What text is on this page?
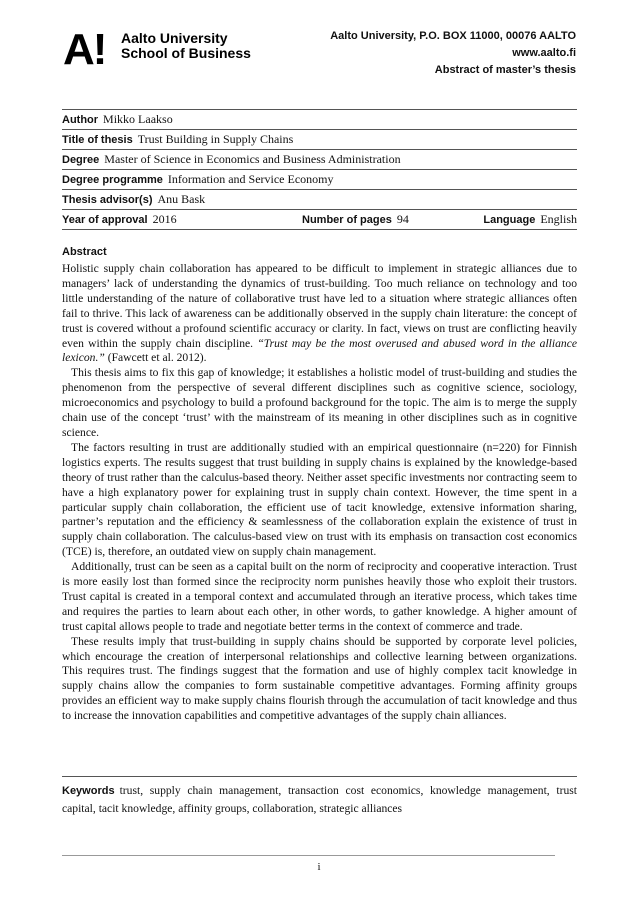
A! Aalto University
School of Business
Aalto University, P.O. BOX 11000, 00076 AALTO
www.aalto.fi
Abstract of master’s thesis
Author Mikko Laakso
Title of thesis Trust Building in Supply Chains
Degree Master of Science in Economics and Business Administration
Degree programme Information and Service Economy
Thesis advisor(s) Anu Bask
Year of approval 2016	Number of pages 94	Language English
Abstract

Holistic supply chain collaboration has appeared to be difficult to implement in strategic alliances due to managers’ lack of understanding the dynamics of trust-building. Too much reliance on technology and too little understanding of the nature of collaborative trust have led to a situation where strategic alliances often fail to thrive. This lack of awareness can be additionally observed in the supply chain literature: the concept of trust is covered without a profound scientific accuracy or clarity. In fact, views on trust are conflicting heavily even within the supply chain discipline. “Trust may be the most overused and abused word in the alliance lexicon.” (Fawcett et al. 2012).

This thesis aims to fix this gap of knowledge; it establishes a holistic model of trust-building and studies the phenomenon from the perspective of several different disciplines such as cognitive science, sociology, microeconomics and psychology to build a profound background for the topic. The aim is to merge the supply chain use of the concept ‘trust’ with the mainstream of its meaning in other disciplines such as in cognitive science.

The factors resulting in trust are additionally studied with an empirical questionnaire (n=220) for Finnish logistics experts. The results suggest that trust building in supply chains is explained by the knowledge-based theory of trust rather than the calculus-based theory. Neither asset specific investments nor contracting seem to have a high explanatory power for explaining trust in supply chain context. However, the time spent in a particular supply chain collaboration, the efficient use of tacit knowledge, extensive information sharing, partner’s reputation and the efficiency & seamlessness of the collaboration explain the existence of trust in supply chain collaboration. The calculus-based view on trust with its emphasis on transaction cost economics (TCE) is, therefore, an outdated view on supply chain management.

Additionally, trust can be seen as a capital built on the norm of reciprocity and cooperative interaction. Trust is more easily lost than formed since the reciprocity norm punishes heavily those who exploit their trustors. Trust capital is created in a temporal context and accumulated through an iterative process, which takes time and requires the parties to learn about each other, in other words, to gather knowledge. A higher amount of trust capital allows people to trade and negotiate better terms in the context of commerce and trade.

These results imply that trust-building in supply chains should be supported by corporate level policies, which encourage the creation of interpersonal relationships and collective learning between organizations. This requires trust. The findings suggest that the formation and use of highly complex tacit knowledge in supply chains allow the companies to form sustainable competitive advantages. Forming affinity groups provides an efficient way to make supply chains flourish through the accumulation of tacit knowledge and thus to increase the innovation capabilities and competitive advantages of the supply chain alliances.

Keywords trust, supply chain management, transaction cost economics, knowledge management, trust capital, tacit knowledge, affinity groups, collaboration, strategic alliances
i
